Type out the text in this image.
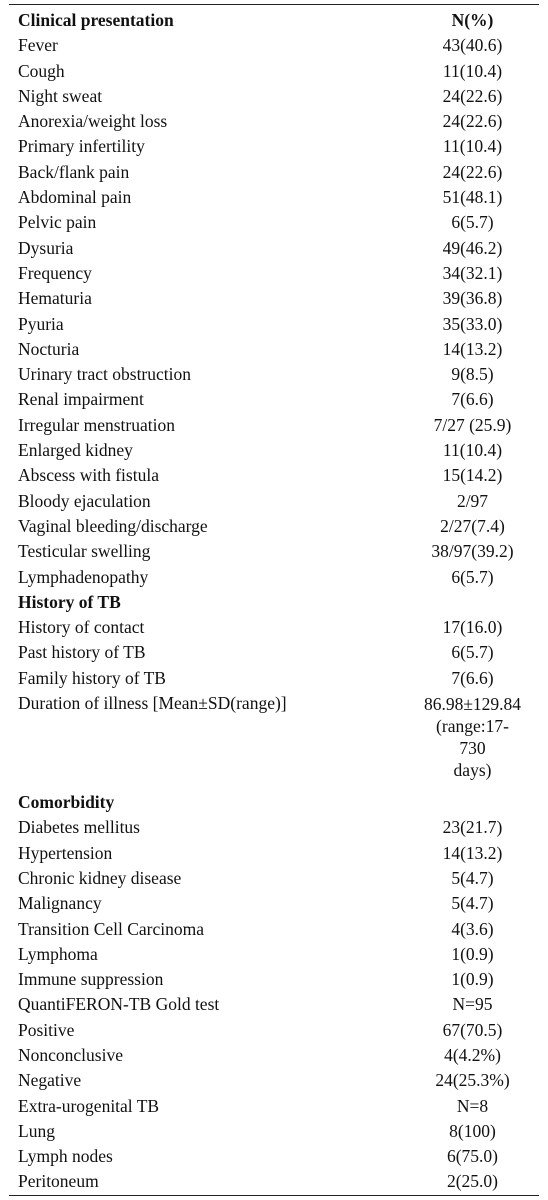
Clinical presentation	N(%)
Fever	43(40.6)
Cough	11(10.4)
Night sweat	24(22.6)
Anorexia/weight loss	24(22.6)
Primary infertility	11(10.4)
Back/flank pain	24(22.6)
Abdominal pain	51(48.1)
Pelvic pain	6(5.7)
Dysuria	49(46.2)
Frequency	34(32.1)
Hematuria	39(36.8)
Pyuria	35(33.0)
Nocturia	14(13.2)
Urinary tract obstruction	9(8.5)
Renal impairment	7(6.6)
Irregular menstruation	7/27 (25.9)
Enlarged kidney	11(10.4)
Abscess with fistula	15(14.2)
Bloody ejaculation	2/97
Vaginal bleeding/discharge	2/27(7.4)
Testicular swelling	38/97(39.2)
Lymphadenopathy	6(5.7)
History of TB	
History of contact	17(16.0)
Past history of TB	6(5.7)
Family history of TB	7(6.6)
Duration of illness [Mean±SD(range)]	86.98±129.84
(range:17-
730
days)

Comorbidity	
Diabetes mellitus	23(21.7)
Hypertension	14(13.2)
Chronic kidney disease	5(4.7)
Malignancy	5(4.7)
Transition Cell Carcinoma	4(3.6)
Lymphoma	1(0.9)
Immune suppression	1(0.9)
QuantiFERON-TB Gold test	N=95
Positive	67(70.5)
Nonconclusive	4(4.2%)
Negative	24(25.3%)
Extra-urogenital TB	N=8
Lung	8(100)
Lymph nodes	6(75.0)
Peritoneum	2(25.0)
